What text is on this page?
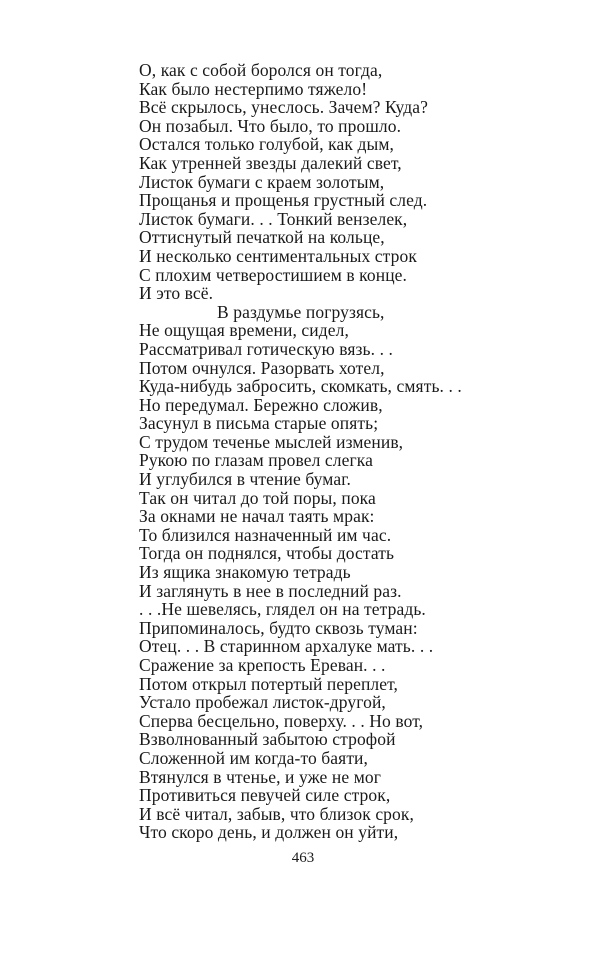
О, как с собой боролся он тогда,
Как было нестерпимо тяжело!
Всё скрылось, унеслось. Зачем? Куда?
Он позабыл. Что было, то прошло.
Остался только голубой, как дым,
Как утренней звезды далекий свет,
Листок бумаги с краем золотым,
Прощанья и прощенья грустный след.
Листок бумаги. . . Тонкий вензелек,
Оттиснутый печаткой на кольце,
И несколько сентиментальных строк
С плохим четверостишием в конце.
И это всё.
В раздумье погрузясь,
Не ощущая времени, сидел,
Рассматривал готическую вязь. . .
Потом очнулся. Разорвать хотел,
Куда-нибудь забросить, скомкать, смять. . .
Но передумал. Бережно сложив,
Засунул в письма старые опять;
С трудом теченье мыслей изменив,
Рукою по глазам провел слегка
И углубился в чтение бумаг.
Так он читал до той поры, пока
За окнами не начал таять мрак:
То близился назначенный им час.
Тогда он поднялся, чтобы достать
Из ящика знакомую тетрадь
И заглянуть в нее в последний раз.
. . .Не шевелясь, глядел он на тетрадь.
Припоминалось, будто сквозь туман:
Отец. . . В старинном архалуке мать. . .
Сражение за крепость Ереван. . .
Потом открыл потертый переплет,
Устало пробежал листок-другой,
Сперва бесцельно, поверху. . . Но вот,
Взволнованный забытою строфой
Сложенной им когда-то баяти,
Втянулся в чтенье, и уже не мог
Противиться певучей силе строк,
И всё читал, забыв, что близок срок,
Что скоро день, и должен он уйти,
463
